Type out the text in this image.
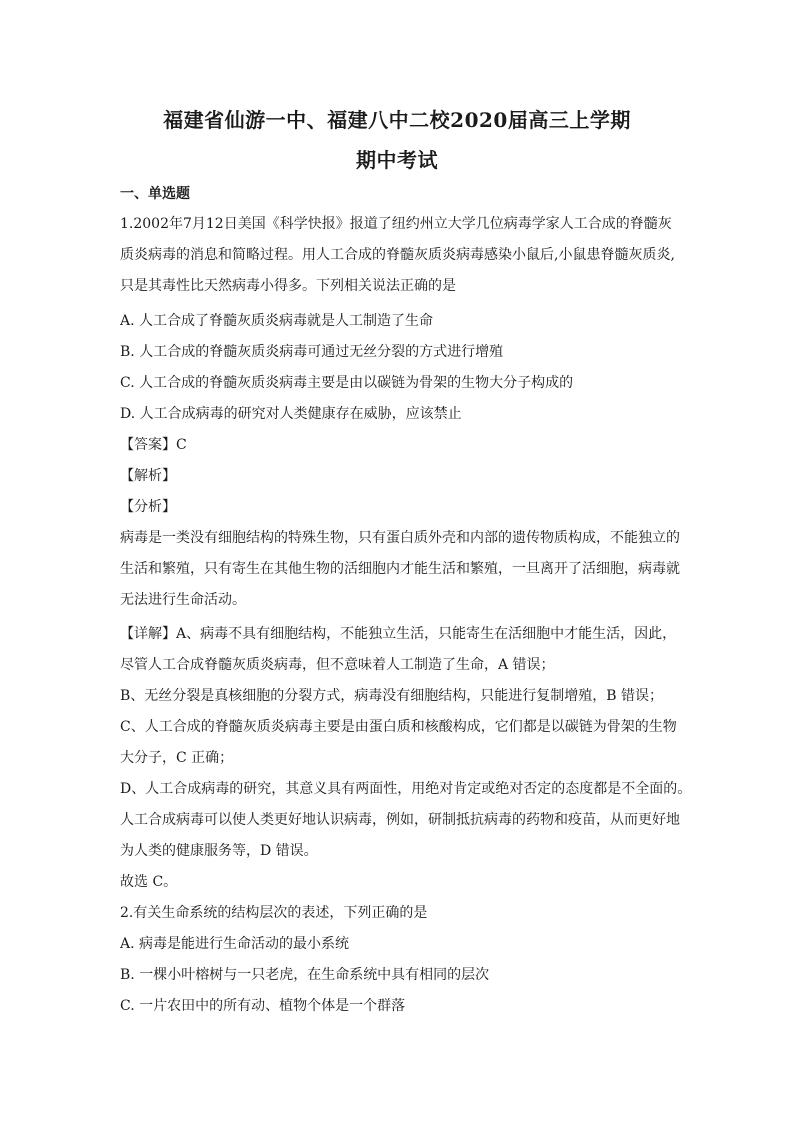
福建省仙游一中、福建八中二校2020届高三上学期
期中考试
一、单选题
1.2002年7月12日美国《科学快报》报道了纽约州立大学几位病毒学家人工合成的脊髓灰
质炎病毒的消息和简略过程。用人工合成的脊髓灰质炎病毒感染小鼠后,小鼠患脊髓灰质炎,
只是其毒性比天然病毒小得多。下列相关说法正确的是
A. 人工合成了脊髓灰质炎病毒就是人工制造了生命
B. 人工合成的脊髓灰质炎病毒可通过无丝分裂的方式进行增殖
C. 人工合成的脊髓灰质炎病毒主要是由以碳链为骨架的生物大分子构成的
D. 人工合成病毒的研究对人类健康存在威胁，应该禁止
【答案】C
【解析】
【分析】
病毒是一类没有细胞结构的特殊生物，只有蛋白质外壳和内部的遗传物质构成，不能独立的
生活和繁殖，只有寄生在其他生物的活细胞内才能生活和繁殖，一旦离开了活细胞，病毒就
无法进行生命活动。
【详解】A、病毒不具有细胞结构，不能独立生活，只能寄生在活细胞中才能生活，因此，
尽管人工合成脊髓灰质炎病毒，但不意味着人工制造了生命，A 错误；
B、无丝分裂是真核细胞的分裂方式，病毒没有细胞结构，只能进行复制增殖，B 错误；
C、人工合成的脊髓灰质炎病毒主要是由蛋白质和核酸构成，它们都是以碳链为骨架的生物
大分子，C 正确；
D、人工合成病毒的研究，其意义具有两面性，用绝对肯定或绝对否定的态度都是不全面的。
人工合成病毒可以使人类更好地认识病毒，例如，研制抵抗病毒的药物和疫苗，从而更好地
为人类的健康服务等，D 错误。
故选 C。
2.有关生命系统的结构层次的表述，下列正确的是
A. 病毒是能进行生命活动的最小系统
B. 一棵小叶榕树与一只老虎，在生命系统中具有相同的层次
C. 一片农田中的所有动、植物个体是一个群落
